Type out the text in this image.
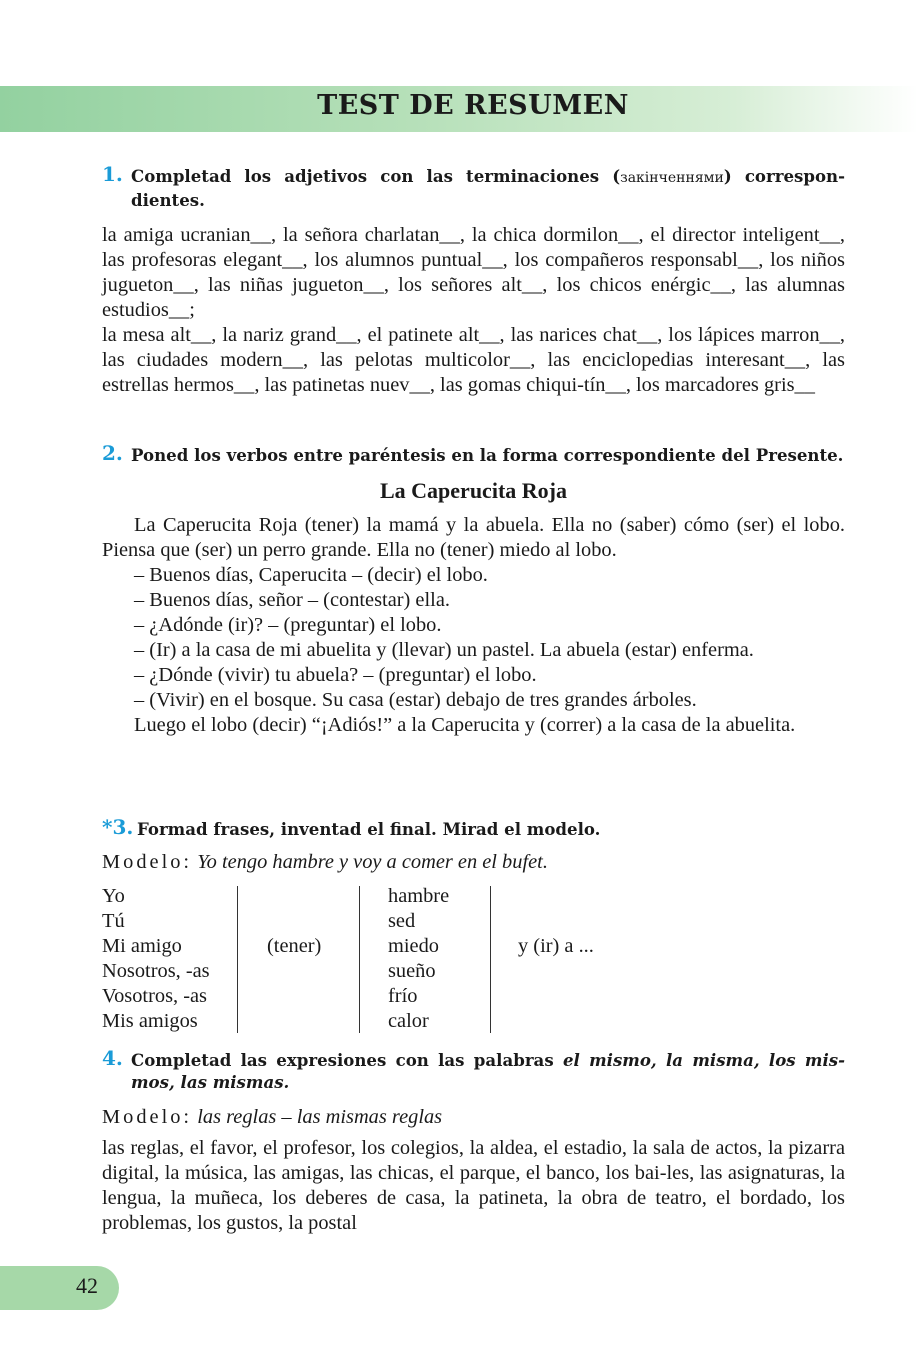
TEST DE RESUMEN
1. Completad los adjetivos con las terminaciones (закінченнями) correspon-dientes.

la amiga ucranian__, la señora charlatan__, la chica dormilon__, el director inteligent__, las profesoras elegant__, los alumnos puntual__, los compañeros responsabl__, los niños jugueton__, las niñas jugueton__, los señores alt__, los chicos enérgic__, las alumnas estudios__;

la mesa alt__, la nariz grand__, el patinete alt__, las narices chat__, los lápices marron__, las ciudades modern__, las pelotas multicolor__, las enciclopedias interesant__, las estrellas hermos__, las patinetas nuev__, las gomas chiqui-tín__, los marcadores gris__

2. Poned los verbos entre paréntesis en la forma correspondiente del Presente.

La Caperucita Roja

La Caperucita Roja (tener) la mamá y la abuela. Ella no (saber) cómo (ser) el lobo. Piensa que (ser) un perro grande. Ella no (tener) miedo al lobo.

– Buenos días, Caperucita – (decir) el lobo.

– Buenos días, señor – (contestar) ella.

– ¿Adónde (ir)? – (preguntar) el lobo.

– (Ir) a la casa de mi abuelita y (llevar) un pastel. La abuela (estar) enferma.

– ¿Dónde (vivir) tu abuela? – (preguntar) el lobo.

– (Vivir) en el bosque. Su casa (estar) debajo de tres grandes árboles.

Luego el lobo (decir) “¡Adiós!” a la Caperucita y (correr) a la casa de la abuelita.

*3. Formad frases, inventad el final. Mirad el modelo.
Modelo: Yo tengo hambre y voy a comer en el bufet.
Yo
Tú
Mi amigo
Nosotros, -as
Vosotros, -as
Mis amigos
(tener)
hambre
sed
miedo
sueño
frío
calor
y (ir) a ...
4. Completad las expresiones con las palabras el mismo, la misma, los mis-mos, las mismas.
Modelo: las reglas – las mismas reglas

las reglas, el favor, el profesor, los colegios, la aldea, el estadio, la sala de actos, la pizarra digital, la música, las amigas, las chicas, el parque, el banco, los bai-les, las asignaturas, la lengua, la muñeca, los deberes de casa, la patineta, la obra de teatro, el bordado, los problemas, los gustos, la postal

42
